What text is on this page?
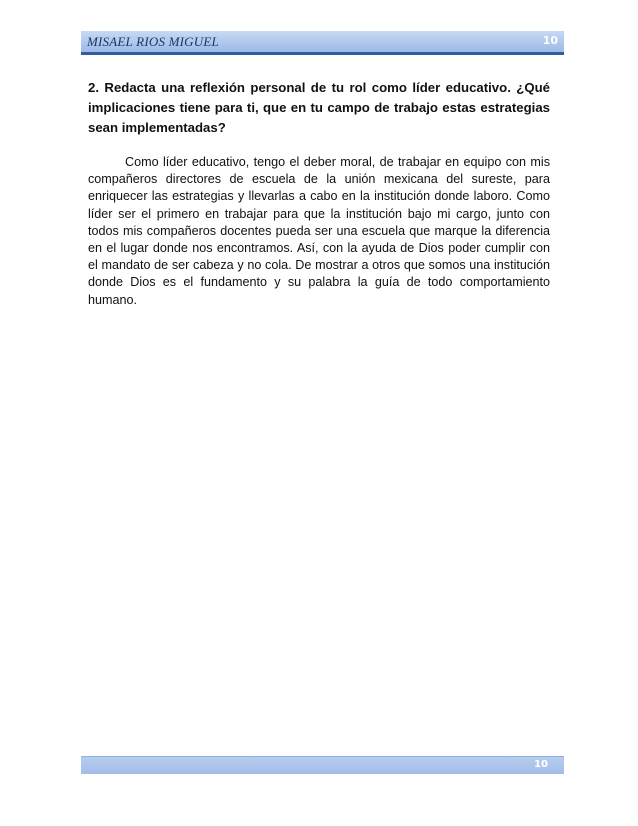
MISAEL RIOS MIGUEL	10

2. Redacta una reflexión personal de tu rol como líder educativo. ¿Qué implicaciones tiene para ti, que en tu campo de trabajo estas estrategias sean implementadas?

Como líder educativo, tengo el deber moral, de trabajar en equipo con mis compañeros directores de escuela de la unión mexicana del sureste, para enriquecer las estrategias y llevarlas a cabo en la institución donde laboro. Como líder ser el primero en trabajar para que la institución bajo mi cargo, junto con todos mis compañeros docentes pueda ser una escuela que marque la diferencia en el lugar donde nos encontramos. Así, con la ayuda de Dios poder cumplir con el mandato de ser cabeza y no cola. De mostrar a otros que somos una institución donde Dios es el fundamento y su palabra la guía de todo comportamiento humano.

10
